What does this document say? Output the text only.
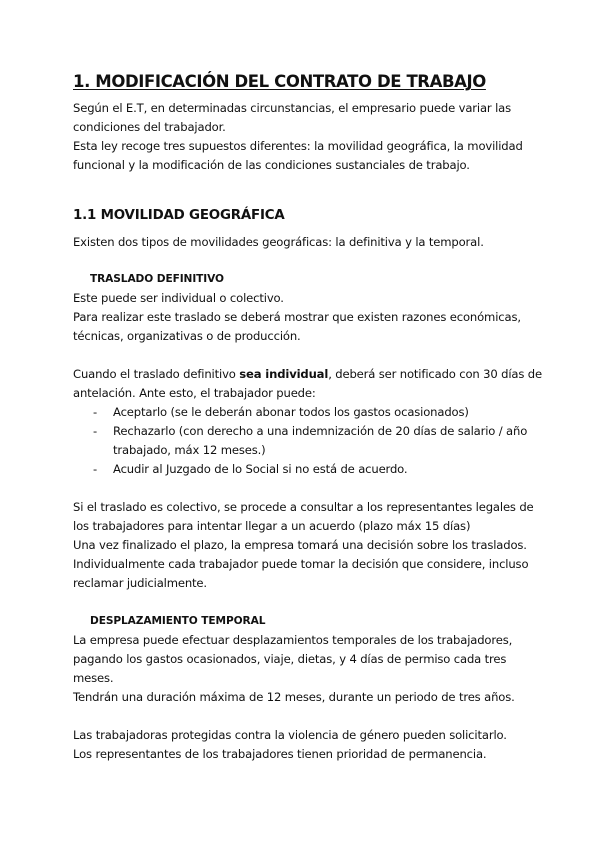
1. MODIFICACIÓN DEL CONTRATO DE TRABAJO

Según el E.T, en determinadas circunstancias, el empresario puede variar las

condiciones del trabajador.

Esta ley recoge tres supuestos diferentes: la movilidad geográfica, la movilidad

funcional y la modificación de las condiciones sustanciales de trabajo.

1.1 MOVILIDAD GEOGRÁFICA

Existen dos tipos de movilidades geográficas: la definitiva y la temporal.

TRASLADO DEFINITIVO

Este puede ser individual o colectivo.

Para realizar este traslado se deberá mostrar que existen razones económicas,

técnicas, organizativas o de producción.

Cuando el traslado definitivo sea individual, deberá ser notificado con 30 días de

antelación. Ante esto, el trabajador puede:

- Aceptarlo (se le deberán abonar todos los gastos ocasionados)
- Rechazarlo (con derecho a una indemnización de 20 días de salario / año
trabajado, máx 12 meses.)
- Acudir al Juzgado de lo Social si no está de acuerdo.

Si el traslado es colectivo, se procede a consultar a los representantes legales de

los trabajadores para intentar llegar a un acuerdo (plazo máx 15 días)

Una vez finalizado el plazo, la empresa tomará una decisión sobre los traslados.

Individualmente cada trabajador puede tomar la decisión que considere, incluso

reclamar judicialmente.

DESPLAZAMIENTO TEMPORAL

La empresa puede efectuar desplazamientos temporales de los trabajadores,

pagando los gastos ocasionados, viaje, dietas, y 4 días de permiso cada tres meses.

Tendrán una duración máxima de 12 meses, durante un periodo de tres años.

Las trabajadoras protegidas contra la violencia de género pueden solicitarlo.

Los representantes de los trabajadores tienen prioridad de permanencia.
